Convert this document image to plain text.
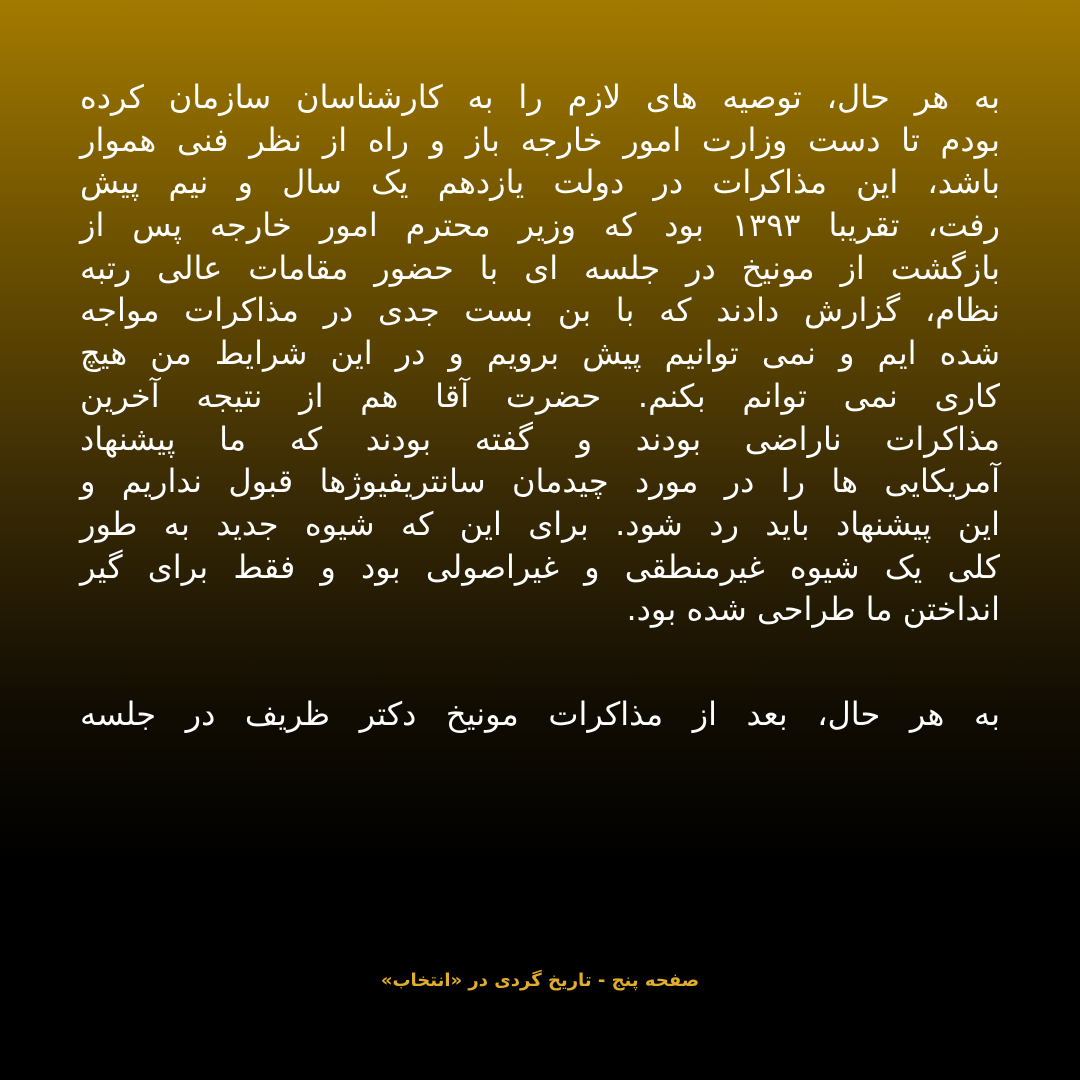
به هر حال، توصیه های لازم را به کارشناسان سازمان کرده
بودم تا دست وزارت امور خارجه باز و راه از نظر فنی هموار
باشد، این مذاکرات در دولت یازدهم یک سال و نیم پیش
رفت، تقریبا ۱۳۹۳ بود که وزیر محترم امور خارجه پس از
بازگشت از مونیخ در جلسه ای با حضور مقامات عالی رتبه
نظام، گزارش دادند که با بن بست جدی در مذاکرات مواجه
شده ایم و نمی توانیم پیش برویم و در این شرایط من هیچ
کاری نمی توانم بکنم. حضرت آقا هم از نتیجه آخرین
مذاکرات ناراضی بودند و گفته بودند که ما پیشنهاد
آمریکایی ها را در مورد چیدمان سانتریفیوژها قبول نداریم و
این پیشنهاد باید رد شود. برای این که شیوه جدید به طور
کلی یک شیوه غیرمنطقی و غیراصولی بود و فقط برای گیر
انداختن ما طراحی شده بود.
به هر حال، بعد از مذاکرات مونیخ دکتر ظریف در جلسه
صفحه پنج - تاریخ گردی در «انتخاب»
